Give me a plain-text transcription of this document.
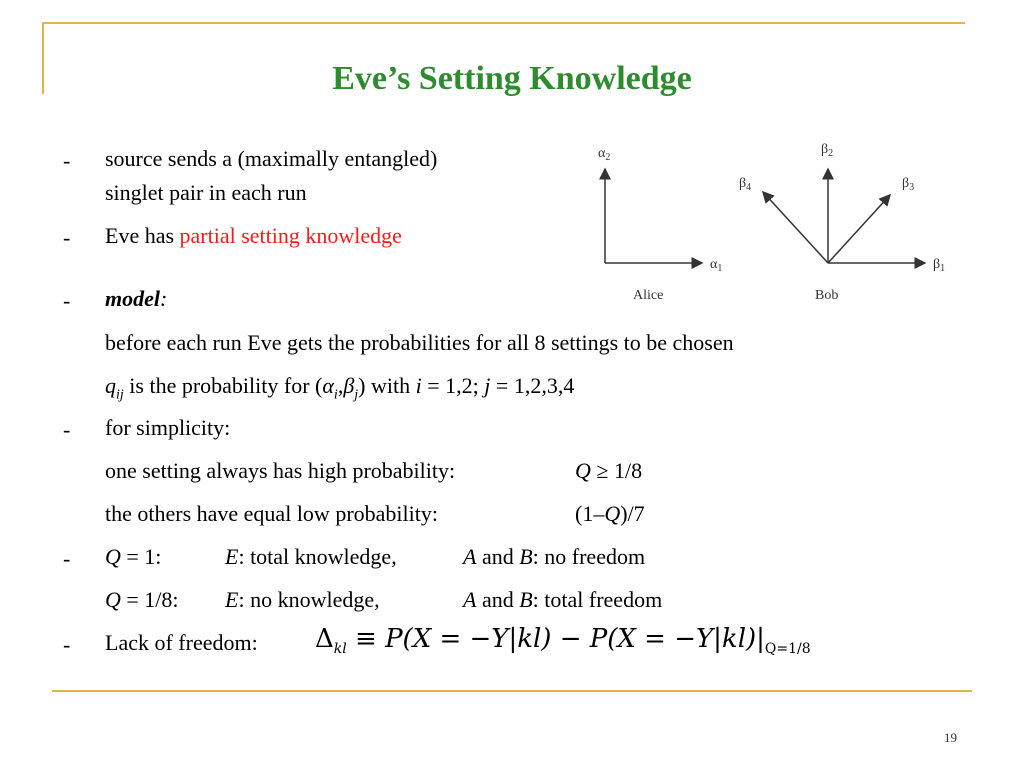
Eve’s Setting Knowledge
- source sends a (maximally entangled)
singlet pair in each run
- Eve has partial setting knowledge
- model:
before each run Eve gets the probabilities for all 8 settings to be chosen
$q_{ij}$ is the probability for $(\alpha_i,\beta_j)$ with i = 1,2; j = 1,2,3,4
- for simplicity:
one setting always has high probability:	Q ≥ 1/8
the others have equal low probability:	(1–Q)/7
- Q = 1:	E: total knowledge,	A and B: no freedom
Q = 1/8: E: no knowledge,	A and B: total freedom
- Lack of freedom: $\Delta_{kl} \equiv P(X = -Y|kl) - P(X = -Y|kl)|_{Q=1/8}$
$\alpha_2$
$\alpha_1$
Alice
$\beta_2$
$\beta_1$
$\beta_3$
$\beta_4$
Bob
19
